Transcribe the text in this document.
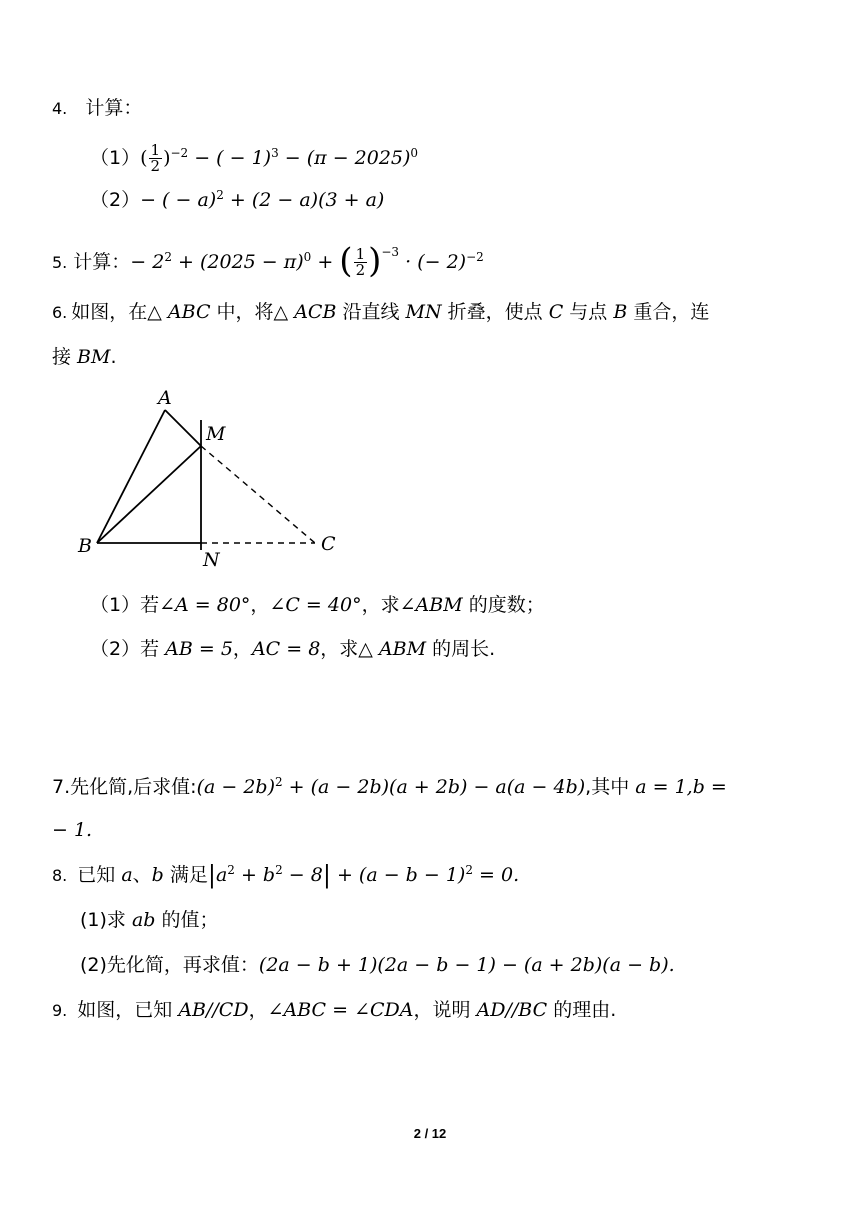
4. 计算：
$(1)( \frac{1}{2} )^{-2}$ − ( − $1)^3 - (\pi - 2025)^0$
（2）− ( − a)$^2$ + (2 − a)(3 + a)
5. 计算：− $2^2 + (2025 - \pi)^0$ + ( $\frac{1}{2} )^{-3}$ · (− 2)$^{-2}$
6. 如图，在△ ABC 中，将△ ACB 沿直线 MN 折叠，使点 C 与点 B 重合，连
接 BM.
A
M
B
N
C
（1）若∠A = 80°，∠C = 40°，求∠ABM 的度数；
（2）若 AB = 5，AC = 8，求△ ABM 的周长.
7.先化简,后求值:(a − 2b)$^2$ + (a − 2b)(a + 2b) − a(a − 4b),其中 a = 1,b =
− 1.
8. 已知 a、b 满足$|a^2 + b^2 - 8| + (a - b - 1)^2 = 0$.
(1)求 ab 的值；
(2)先化简，再求值：(2a − b + 1)(2a − b − 1) − (a + 2b)(a − b).
9. 如图，已知 AB//CD，∠ABC = ∠CDA，说明 AD//BC 的理由.
2 / 12
